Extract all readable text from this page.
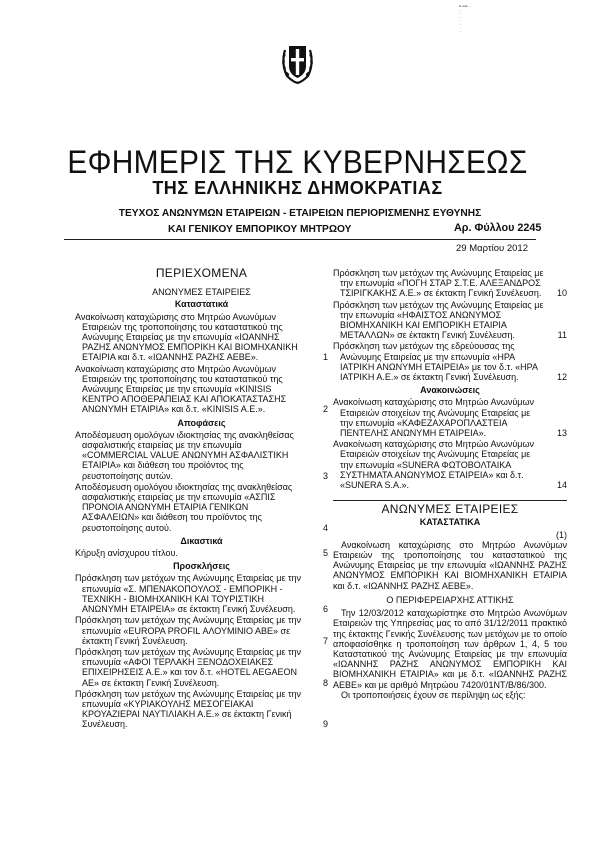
Ε-mail: ...
...
...
...
...
...
...
...
ΕΦΗΜΕΡΙΣ ΤΗΣ ΚΥΒΕΡΝΗΣΕΩΣ
ΤΗΣ ΕΛΛΗΝΙΚΗΣ ΔΗΜΟΚΡΑΤΙΑΣ
ΤΕΥΧΟΣ ΑΝΩΝΥΜΩΝ ΕΤΑΙΡΕΙΩΝ - ΕΤΑΙΡΕΙΩΝ ΠΕΡΙΟΡΙΣΜΕΝΗΣ ΕΥΘΥΝΗΣ
ΚΑΙ ΓΕΝΙΚΟΥ ΕΜΠΟΡΙΚΟΥ ΜΗΤΡΩΟΥ	Αρ. Φύλλου 2245
29 Μαρτίου 2012
ΠΕΡΙΕΧΟΜΕΝΑ
ΑΝΩΝΥΜΕΣ ΕΤΑΙΡΕΙΕΣ
Καταστατικά
Ανακοίνωση καταχώρισης στο Μητρώο Ανωνύμων Εταιρειών της τροποποίησης του καταστατικού της Ανώνυμης Εταιρείας με την επωνυμία «ΙΩΑΝΝΗΣ ΡΑΖΗΣ ΑΝΩΝΥΜΟΣ ΕΜΠΟΡΙΚΗ ΚΑΙ ΒΙΟΜΗΧΑΝΙΚΗ ΕΤΑΙΡΙΑ και δ.τ. «ΙΩΑΝΝΗΣ ΡΑΖΗΣ ΑΕΒΕ».	1
Ανακοίνωση καταχώρισης στο Μητρώο Ανωνύμων Εταιρειών της τροποποίησης του καταστατικού της Ανώνυμης Εταιρείας με την επωνυμία «KINISIS ΚΕΝΤΡΟ ΑΠΟΘΕΡΑΠΕΙΑΣ ΚΑΙ ΑΠΟΚΑΤΑΣΤΑΣΗΣ ΑΝΩΝΥΜΗ ΕΤΑΙΡΙΑ» και δ.τ. «KINISIS A.E.».	2
Αποφάσεις
Αποδέσμευση ομολόγων ιδιοκτησίας της ανακληθείσας ασφαλιστικής εταιρείας με την επωνυμία «COMMERCIAL VALUE ΑΝΩΝΥΜΗ ΑΣΦΑΛΙΣΤΙΚΗ ΕΤΑΙΡΙΑ» και διάθεση του προϊόντος της ρευστοποίησης αυτών.	3
Αποδέσμευση ομολόγου ιδιοκτησίας της ανακληθείσας ασφαλιστικής εταιρείας με την επωνυμία «ΑΣΠΙΣ ΠΡΟΝΟΙΑ ΑΝΩΝΥΜΗ ΕΤΑΙΡΙΑ ΓΕΝΙΚΩΝ ΑΣΦΑΛΕΙΩΝ» και διάθεση του προϊόντος της ρευστοποίησης αυτού.	4
Δικαστικά
Κήρυξη ανίσχυρου τίτλου.	5
Προσκλήσεις
Πρόσκληση των μετόχων της Ανώνυμης Εταιρείας με την επωνυμία «Σ. ΜΠΕΝΑΚΟΠΟΥΛΟΣ - ΕΜΠΟΡΙΚΗ - ΤΕΧΝΙΚΗ - ΒΙΟΜΗΧΑΝΙΚΗ ΚΑΙ ΤΟΥΡΙΣΤΙΚΗ ΑΝΩΝΥΜΗ ΕΤΑΙΡΕΙΑ» σε έκτακτη Γενική Συνέλευση.	6
Πρόσκληση των μετόχων της Ανώνυμης Εταιρείας με την επωνυμία «EUROPA PROFIL ΑΛΟΥΜΙΝΙΟ ΑΒΕ» σε έκτακτη Γενική Συνέλευση.	7
Πρόσκληση των μετόχων της Ανώνυμης Εταιρείας με την επωνυμία «ΑΦΟΙ ΤΕΡΛΑΚΗ ΞΕΝΟΔΟΧΕΙΑΚΕΣ ΕΠΙΧΕΙΡΗΣΕΙΣ Α.Ε.» και τον δ.τ. «HOTEL AEGAEON AE» σε έκτακτη Γενική Συνέλευση.	8
Πρόσκληση των μετόχων της Ανώνυμης Εταιρείας με την επωνυμία «ΚΥΡΙΑΚΟΥΛΗΣ ΜΕΣΟΓΕΙΑΚΑΙ ΚΡΟΥΑΖΙΕΡΑΙ ΝΑΥΤΙΛΙΑΚΗ Α.Ε.» σε έκτακτη Γενική Συνέλευση.	9
Πρόσκληση των μετόχων της Ανώνυμης Εταιρείας με την επωνυμία «ΠΟΓΗ ΣΤΑΡ Σ.Τ.Ε. ΑΛΕΞΑΝΔΡΟΣ ΤΣΙΡΙΓΚΑΚΗΣ Α.Ε.» σε έκτακτη Γενική Συνέλευση. 10
Πρόσκληση των μετόχων της Ανώνυμης Εταιρείας με την επωνυμία «ΗΦΑΙΣΤΟΣ ΑΝΩΝΥΜΟΣ ΒΙΟΜΗΧΑΝΙΚΗ ΚΑΙ ΕΜΠΟΡΙΚΗ ΕΤΑΙΡΙΑ ΜΕΤΑΛΛΩΝ» σε έκτακτη Γενική Συνέλευση.	11
Πρόσκληση των μετόχων της εδρεύουσας της Ανώνυμης Εταιρείας με την επωνυμία «ΗΡΑ ΙΑΤΡΙΚΗ ΑΝΩΝΥΜΗ ΕΤΑΙΡΕΙΑ» με τον δ.τ. «ΗΡΑ ΙΑΤΡΙΚΗ Α.Ε.» σε έκτακτη Γενική Συνέλευση.	12
Ανακοινώσεις
Ανακοίνωση καταχώρισης στο Μητρώο Ανωνύμων Εταιρειών στοιχείων της Ανώνυμης Εταιρείας με την επωνυμία «ΚΑΦΕΖΑΧΑΡΟΠΛΑΣΤΕΙΑ ΠΕΝΤΕΛΗΣ ΑΝΩΝΥΜΗ ΕΤΑΙΡΕΙΑ».	13
Ανακοίνωση καταχώρισης στο Μητρώο Ανωνύμων Εταιρειών στοιχείων της Ανώνυμης Εταιρείας με την επωνυμία «SUNERA ΦΩΤΟΒΟΛΤΑΙΚΑ ΣΥΣΤΗΜΑΤΑ ΑΝΩΝΥΜΟΣ ΕΤΑΙΡΕΙΑ» και δ.τ. «SUNERA S.A.».	14
ΑΝΩΝΥΜΕΣ ΕΤΑΙΡΕΙΕΣ
ΚΑΤΑΣΤΑΤΙΚΑ
(1)
Ανακοίνωση καταχώρισης στο Μητρώο Ανωνύμων Εταιρειών της τροποποίησης του καταστατικού της Ανώνυμης Εταιρείας με την επωνυμία «ΙΩΑΝΝΗΣ ΡΑΖΗΣ ΑΝΩΝΥΜΟΣ ΕΜΠΟΡΙΚΗ ΚΑΙ ΒΙΟΜΗΧΑΝΙΚΗ ΕΤΑΙΡΙΑ και δ.τ. «ΙΩΑΝΝΗΣ ΡΑΖΗΣ ΑΕΒΕ».
Ο ΠΕΡΙΦΕΡΕΙΑΡΧΗΣ ΑΤΤΙΚΗΣ
Την 12/03/2012 καταχωρίστηκε στο Μητρώο Ανωνύμων Εταιρειών της Υπηρεσίας μας το από 31/12/2011 πρακτικό της έκτακτης Γενικής Συνέλευσης των μετόχων με το οποίο αποφασίσθηκε η τροποποίηση των άρθρων 1, 4, 5 του Καταστατικού της Ανώνυμης Εταιρείας με την επωνυμία «ΙΩΑΝΝΗΣ ΡΑΖΗΣ ΑΝΩΝΥΜΟΣ ΕΜΠΟΡΙΚΗ ΚΑΙ ΒΙΟΜΗΧΑΝΙΚΗ ΕΤΑΙΡΙΑ» και με δ.τ. «ΙΩΑΝΝΗΣ ΡΑΖΗΣ ΑΕΒΕ» και με αριθμό Μητρώου 7420/01ΝΤ/Β/86/300.
Οι τροποποιήσεις έχουν σε περίληψη ως εξής:
